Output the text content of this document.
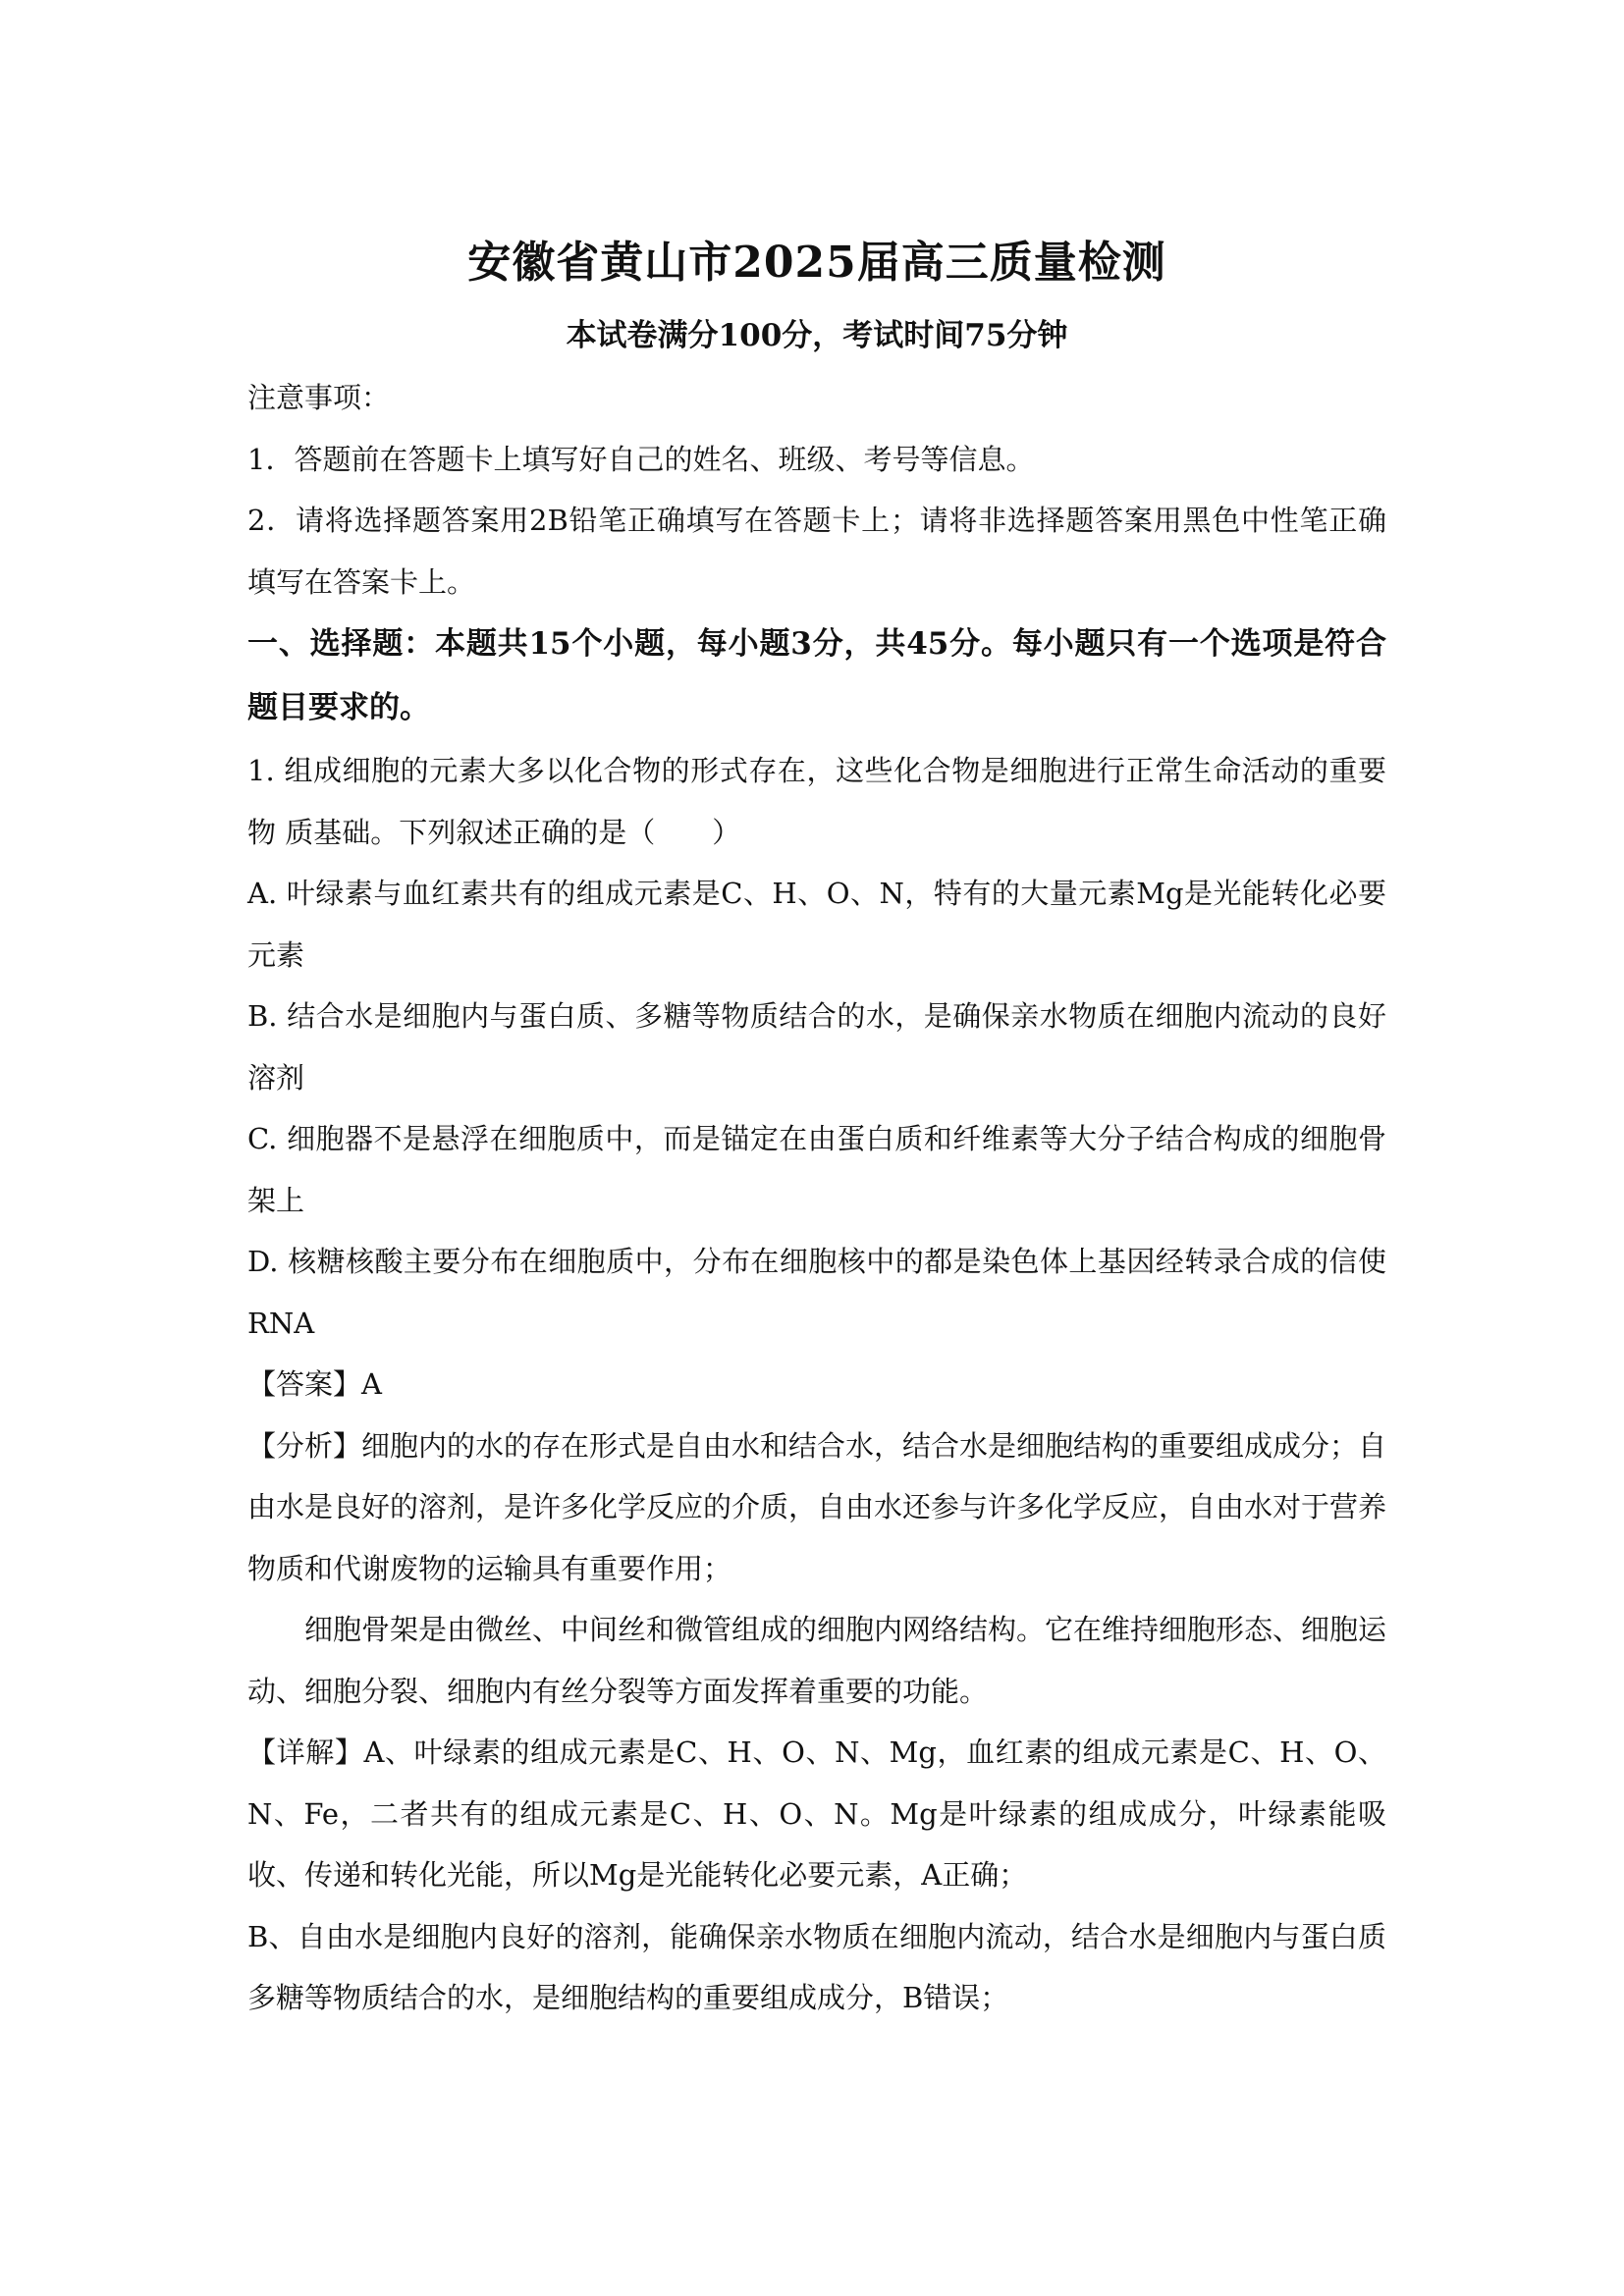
安徽省黄山市2025届高三质量检测

本试卷满分100分，考试时间75分钟

注意事项：

1．答题前在答题卡上填写好自己的姓名、班级、考号等信息。

2．请将选择题答案用2B铅笔正确填写在答题卡上；请将非选择题答案用黑色中性笔正确填写在答案卡上。

一、选择题：本题共15个小题，每小题3分，共45分。每小题只有一个选项是符合题目要求的。

1. 组成细胞的元素大多以化合物的形式存在，这些化合物是细胞进行正常生命活动的重要物 质基础。下列叙述正确的是（　　）

A. 叶绿素与血红素共有的组成元素是C、H、O、N，特有的大量元素Mg是光能转化必要元素

B. 结合水是细胞内与蛋白质、多糖等物质结合的水，是确保亲水物质在细胞内流动的良好溶剂

C. 细胞器不是悬浮在细胞质中，而是锚定在由蛋白质和纤维素等大分子结合构成的细胞骨架上

D. 核糖核酸主要分布在细胞质中，分布在细胞核中的都是染色体上基因经转录合成的信使RNA

【答案】A

【分析】细胞内的水的存在形式是自由水和结合水，结合水是细胞结构的重要组成成分；自由水是良好的溶剂，是许多化学反应的介质，自由水还参与许多化学反应，自由水对于营养物质和代谢废物的运输具有重要作用；

细胞骨架是由微丝、中间丝和微管组成的细胞内网络结构。它在维持细胞形态、细胞运动、细胞分裂、细胞内有丝分裂等方面发挥着重要的功能。

【详解】A、叶绿素的组成元素是C、H、O、N、Mg，血红素的组成元素是C、H、O、N、Fe，二者共有的组成元素是C、H、O、N。Mg是叶绿素的组成成分，叶绿素能吸收、传递和转化光能，所以Mg是光能转化必要元素，A正确；

B、自由水是细胞内良好的溶剂，能确保亲水物质在细胞内流动，结合水是细胞内与蛋白质多糖等物质结合的水，是细胞结构的重要组成成分，B错误；
